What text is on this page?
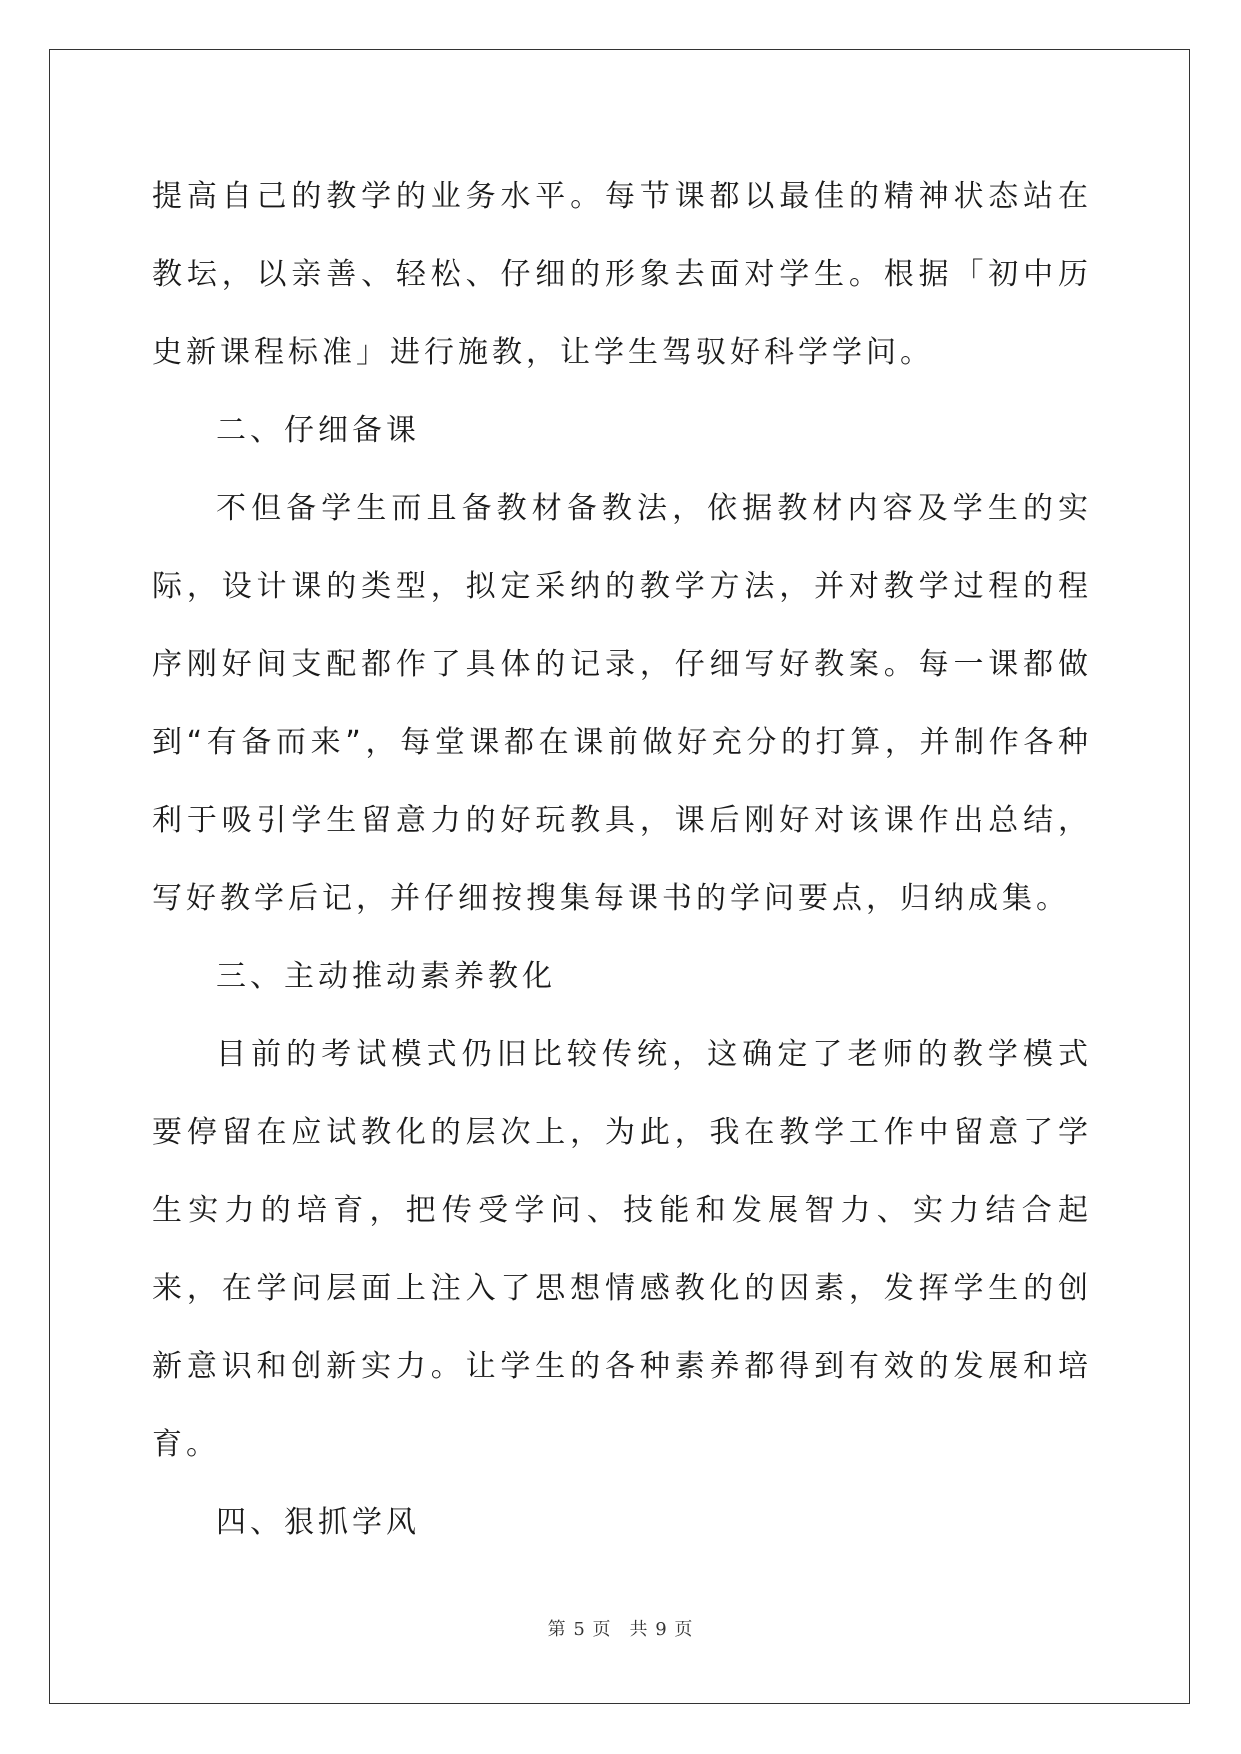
提高自己的教学的业务水平。每节课都以最佳的精神状态站在教坛，以亲善、轻松、仔细的形象去面对学生。根据「初中历史新课程标准」进行施教，让学生驾驭好科学学问。

二、仔细备课

不但备学生而且备教材备教法，依据教材内容及学生的实际，设计课的类型，拟定采纳的教学方法，并对教学过程的程序刚好间支配都作了具体的记录，仔细写好教案。每一课都做到“有备而来”，每堂课都在课前做好充分的打算，并制作各种利于吸引学生留意力的好玩教具，课后刚好对该课作出总结，写好教学后记，并仔细按搜集每课书的学问要点，归纳成集。

三、主动推动素养教化

目前的考试模式仍旧比较传统，这确定了老师的教学模式要停留在应试教化的层次上，为此，我在教学工作中留意了学生实力的培育，把传受学问、技能和发展智力、实力结合起来，在学问层面上注入了思想情感教化的因素，发挥学生的创新意识和创新实力。让学生的各种素养都得到有效的发展和培育。

四、狠抓学风

第 5 页 共 9 页
